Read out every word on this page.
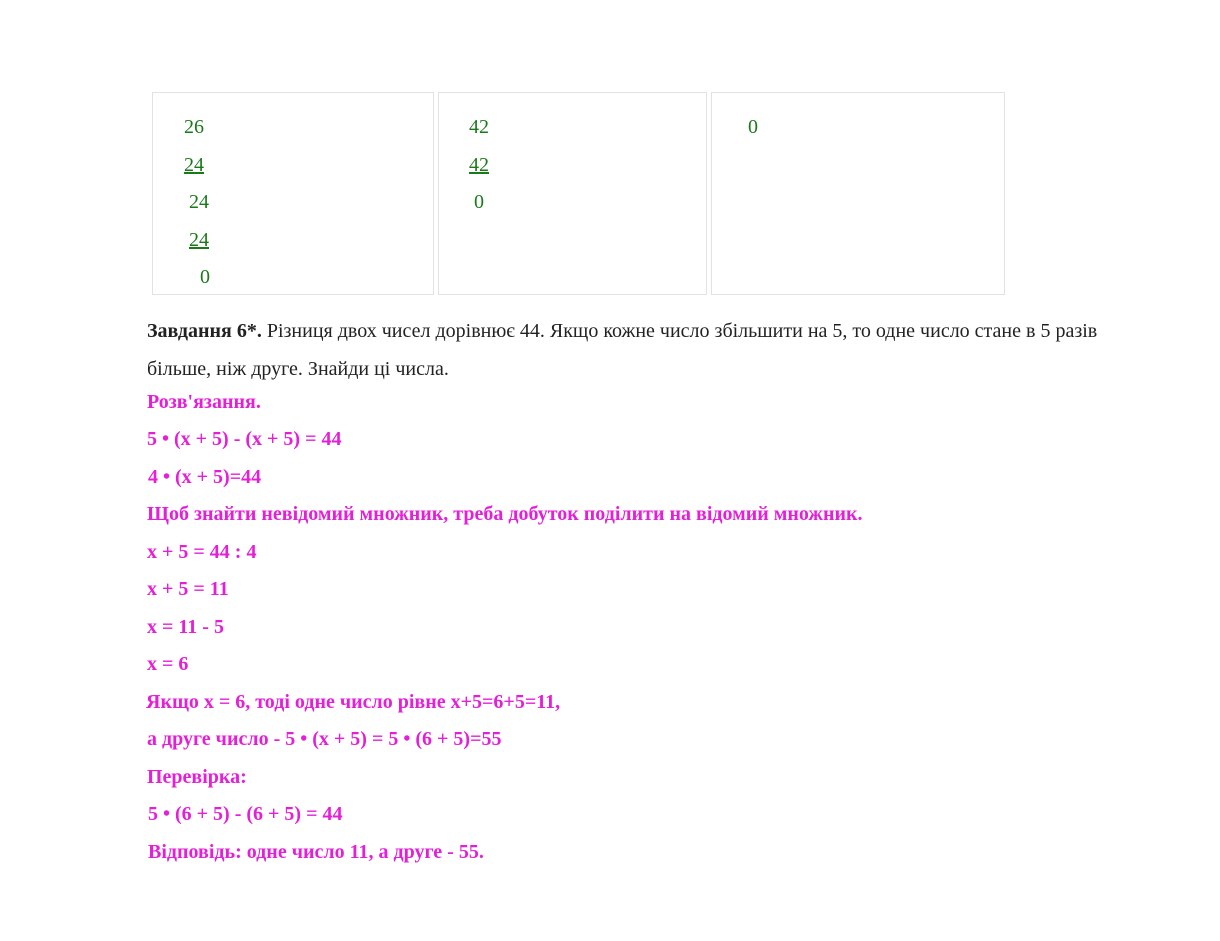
26
24
24
24
0
42
42
0
0
Завдання 6*. Різниця двох чисел дорівнює 44. Якщо кожне число збільшити на 5, то одне число стане в 5 разів більше, ніж друге. Знайди ці числа.
Розв'язання.
5 • (х + 5) - (х + 5) = 44
4 • (х + 5)=44
Щоб знайти невідомий множник, треба добуток поділити на відомий множник.
х + 5 = 44 : 4
х + 5 = 11
х = 11 - 5
х = 6
Якщо х = 6, тоді одне число рівне х+5=6+5=11,
а друге число - 5 • (х + 5) = 5 • (6 + 5)=55
Перевірка:
5 • (6 + 5) - (6 + 5) = 44
Відповідь: одне число 11, а друге - 55.
